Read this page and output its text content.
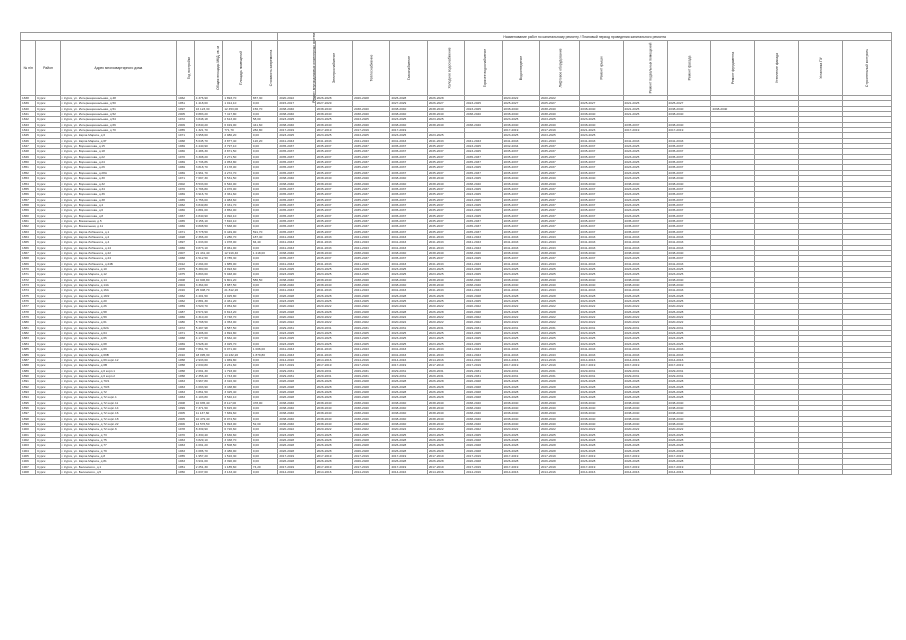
							Наименование работ по капитальному ремонту / Плановый период проведения капитального ремонта														
№ п/п	Район	Адрес многоквартирного дома	Год постройки	Общая площадь МКД, кв. м	Площадь помещений	Стоимость капремонта	Ремонт внутридомовых инженерных систем	Электроснабжение	Теплоснабжение	Газоснабжение	Холодное водоснабжение	Горячее водоснабжение	Водоотведение	Лифтовое оборудование	Ремонт крыши	Ремонт подвальных помещений	Ремонт фасада	Ремонт фундамента	Утепление фасада	Установка ПУ	Строительный контроль
1838	Курск	г. Курск, ул. Интернациональная, д.48	1962	4 376,90	1 893,70	657,30	2020-2022	2026-2028	2026-2028	2026-2028	2026-2028		2020-2022	2020-2022							
1839	Курск	г. Курск, ул. Интернациональная, д.50	1951	1 418,60	1 014,10	0,00	2015-2017	2027-2029		2027-2029	2026-2027	2023-2025	2025-2027	2025-2027	2025-2027	2021-2025	2025-2027				
1840	Курск	г. Курск, ул. Интернациональная, д.51	1997	16 123,30	12 453,00	156,70	2038-2040	2038-2040	2038-2040	2038-2040	2038-2040	2023-2025	2038-2040	2038-2040	2038-2040	2021-2025	2038-2040	2038-2040			
1841	Курск	г. Курск, ул. Интернациональная, д.52	2005	9 883,20	7 417,80	0,00	2038-2040	2038-2040	2038-2040	2038-2040	2038-2040	2038-2040	2038-2040	2038-2040	2038-2040	2021-2025	2038-2040				
1842	Курск	г. Курск, ул. Интернациональная, д.54	1972	3 848,18	2 613,00	58,00	2023-2025	2023-2025	2023-2025	2023-2025	2023-2025		2023-2025	2023-2025	2023-2025						
1843	Курск	г. Курск, ул. Интернациональная, д.66	2009	9 840,20	6 919,00	441,60	2038-2040	2038-2040	2038-2040	2038-2040	2038-2040	2038-2040	2038-2040	2038-2040	2038-2040	2035-2037	2038-2040				
1844	Курск	г. Курск, ул. Интернациональная, д.70	1955	1 321,70	771,70	282,80	2017-2019	2017-2019	2017-2019	2017-2019			2017-2019	2017-2019	2021-2023	2017-2019	2017-2019				
1845	Курск	г. Курск, ул. Карла Маркса, д.6	1971	3 958,60	2 980,20	0,00	2023-2025	2023-2025	2023-2025	2023-2025	2023-2025		2023-2025	2023-2025	2023-2025						
1846	Курск	г. Курск, ул. Карла Маркса, д.6Г	1968	5 045,70	3 877,40	120,20	2041-2043	2041-2043	2041-2043	2041-2043	2041-2043	2041-2043	2041-2043	2041-2043	2041-2043	2041-2043	2041-2043				
1847	Курск	г. Курск, ул. Ворошилова, д.15	1969	4 440,90	3 797,10	0,00	2035-2037	2035-2037	2035-2037	2035-2037	2035-2037	2023-2025	2032-2034	2035-2037	2035-2037	2023-2025	2035-2037				
1848	Курск	г. Курск, ул. Ворошилова, д.18	1966	4 486,30	3 871,50	0,00	2035-2037	2035-2037	2035-2037	2035-2037	2035-2037	2023-2025	2035-2037	2035-2037	2035-2037	2023-2025	2035-2037				
1849	Курск	г. Курск, ул. Ворошилова, д.22	1970	3 308,20	3 271,50	0,00	2035-2037	2035-2037	2035-2037	2035-2037	2035-2037	2035-2037	2035-2037	2035-2037	2035-2037	2023-2025	2035-2037				
1850	Курск	г. Курск, ул. Ворошилова, д.24	1969	4 736,86	4 053,80	0,00	2035-2037	2035-2037	2035-2037	2035-2037	2035-2037	2035-2037	2035-2037	2035-2037	2035-2037	2023-2025	2035-2037				
1851	Курск	г. Курск, ул. Ворошилова, д.26	1969	3 818,70	3 178,00	0,00	2035-2037	2035-2037	2035-2037	2035-2037	2035-2037	2023-2025	2035-2037	2035-2037	2035-2037	2023-2025	2035-2037				
1852	Курск	г. Курск, ул. Ворошилова, д.28А	1969	4 961,70	4 272,70	0,00	2035-2037	2035-2037	2035-2037	2035-2037	2035-2037	2035-2037	2035-2037	2035-2037	2035-2037	2023-2025	2035-2037				
1853	Курск	г. Курск, ул. Ворошилова, д.30	1971	7 697,30	6 531,50	0,00	2038-2040	2038-2040	2038-2040	2038-2040	2038-2040	2023-2025	2038-2040	2038-2040	2038-2040	2023-2025	2038-2040				
1854	Курск	г. Курск, ул. Ворошилова, д.32	2002	8 533,60	6 540,00	0,00	2038-2040	2038-2040	2038-2040	2038-2040	2038-2040	2038-2040	2038-2040	2038-2040	2038-2040	2038-2040	2038-2040				
1855	Курск	г. Курск, ул. Ворошилова, д.34	1970	4 796,80	4 076,00	0,00	2035-2037	2035-2037	2035-2037	2035-2037	2035-2037	2023-2025	2035-2037	2035-2037	2035-2037	2023-2025	2035-2037				
1856	Курск	г. Курск, ул. Ворошилова, д.36	1969	3 916,70	3 361,60	0,00	2035-2037	2035-2037	2035-2037	2035-2037	2035-2037	2023-2025	2035-2037	2035-2037	2035-2037	2023-2025	2035-2037				
1857	Курск	г. Курск, ул. Ворошилова, д.38	1965	4 756,00	4 083,60	0,00	2035-2037	2035-2037	2035-2037	2035-2037	2035-2037	2023-2025	2035-2037	2035-2037	2035-2037	2023-2025	2035-2037				
1858	Курск	г. Курск, ул. Ворошилова, д.4	1962	3 849,80	3 331,70	0,00	2035-2037	2035-2037	2035-2037	2035-2037	2035-2037	2023-2025	2035-2037	2035-2037	2035-2037	2023-2025	2035-2037				
1859	Курск	г. Курск, ул. Ворошилова, д.6	1966	4 881,00	3 852,00	0,00	2035-2037	2035-2037	2035-2037	2035-2037	2035-2037	2023-2025	2035-2037	2035-2037	2035-2037	2023-2025	2035-2037				
1860	Курск	г. Курск, ул. Ворошилова, д.8	1967	4 840,90	4 092,10	0,00	2035-2037	2035-2037	2035-2037	2035-2037	2035-2037	2023-2025	2035-2037	2035-2037	2035-2037	2023-2025	2035-2037				
1861	Курск	г. Курск, ул. Вокзальная, д.5	1965	9 156,10	7 810,10	0,00	2035-2037	2035-2037	2035-2037	2035-2037	2035-2037	2035-2037	2035-2037	2035-2037	2035-2037	2035-2037	2035-2037				
1862	Курск	г. Курск, ул. Вокзальная, д.11	1966	9 808,50	7 668,00	0,00	2035-2037	2035-2037	2035-2037	2035-2037	2035-2037	2035-2037	2035-2037	2035-2037	2035-2037	2035-2037	2035-2037				
1863	Курск	г. Курск, ул. Карла Либкнехта, д.1	1971	8 778,50	6 449,00	591,70	2035-2037	2035-2037	2035-2037	2035-2037	2035-2037	2035-2037	2035-2037	2035-2037	2035-2037	2035-2037	2035-2037				
1864	Курск	г. Курск, ул. Карла Либкнехта, д.2	1928	2 366,20	1 280,70	187,40	2041-2043	2041-2043	2041-2043	2041-2043	2041-2043	2041-2043	2041-2043	2041-2043	2041-2043	2041-2043	2041-2043				
1865	Курск	г. Курск, ул. Карла Либкнехта, д.4	1897	1 033,60	1 078,00	84,40	2041-2043	2041-2043	2041-2043	2041-2043	2041-2043	2041-2043	2041-2043	2041-2043	2041-2043	2041-2043	2041-2043				
1866	Курск	г. Курск, ул. Карла Либкнехта, д.14	1966	9 873,10	8 061,90	0,00	2041-2043	2041-2043	2041-2043	2041-2043	2041-2043	2041-2043	2041-2043	2041-2043	2041-2043	2041-2043	2041-2043				
1867	Курск	г. Курск, ул. Карла Либкнехта, д.22	2007	21 431,40	12 919,40	1 218,00	2038-2040	2038-2040	2038-2040	2038-2040	2038-2040	2038-2040	2038-2040	2038-2040	2038-2040	2038-2040	2038-2040				
1868	Курск	г. Курск, ул. Карла Либкнехта, д.24	1968	4 512,50	3 785,30	0,00	2035-2037	2035-2037	2035-2037	2035-2037	2035-2037	2023-2025	2035-2037	2035-2037	2035-2037	2023-2025	2035-2037				
1869	Курск	г. Курск, ул. Карла Либкнехта, д.24Б	2012	2 294,00	1 885,00	0,00	2041-2043	2041-2043	2041-2043	2041-2043	2041-2043	2041-2043	2041-2043	2041-2043	2041-2043	2041-2043	2041-2043				
1870	Курск	г. Курск, ул. Карла Маркса, д.10	1975	5 380,00	3 993,60	0,00	2023-2025	2023-2025	2023-2025	2023-2025	2023-2025	2023-2025	2023-2025	2023-2025	2023-2025	2023-2025	2023-2025				
1871	Курск	г. Курск, ул. Карла Маркса, д.12	1975	6 893,60	5 048,00	0,00	2023-2025	2023-2025	2023-2025	2023-2025	2023-2025	2023-2025	2023-2025	2023-2025	2023-2025	2023-2025	2023-2025				
1872	Курск	г. Курск, ул. Карла Маркса, д.14	2008	10 906,80	9 801,20	586,50	2038-2040	2038-2040	2038-2040	2038-2040	2038-2040	2038-2040	2038-2040	2038-2040	2038-2040	2038-2040	2038-2040				
1873	Курск	г. Курск, ул. Карла Маркса, д.14А	2004	3 364,60	3 887,50	0,00	2038-2040	2038-2040	2038-2040	2038-2040	2038-2040	2038-2040	2038-2040	2038-2040	2038-2040	2038-2040	2038-2040				
1874	Курск	г. Курск, ул. Карла Маркса, д.16А	2016	25 908,70	21 812,20	0,00	2041-2043	2041-2043	2041-2043	2041-2043	2041-2043	2041-2043	2041-2043	2041-2043	2041-2043	2041-2043	2041-2043				
1875	Курск	г. Курск, ул. Карла Маркса, д.18/2	1962	4 401,50	4 025,80	0,00	2026-2028	2026-2028	2026-2028	2026-2028	2026-2028	2026-2028	2026-2028	2026-2028	2026-2028	2026-2028	2026-2028				
1876	Курск	г. Курск, ул. Карла Маркса, д.20	1962	2 881,30	2 461,20	0,00	2023-2025	2023-2025	2023-2025	2023-2025	2023-2025	2023-2025	2023-2025	2023-2025	2023-2025	2023-2025	2023-2025				
1877	Курск	г. Курск, ул. Карла Маркса, д.26	1959	3 520,70	3 054,60	0,00	2020-2022	2020-2022	2020-2022	2020-2022	2020-2022	2020-2022	2020-2022	2020-2022	2020-2022	2020-2022	2020-2022				
1878	Курск	г. Курск, ул. Карла Маркса, д.58	1987	9 574,90	6 813,20	0,00	2026-2028	2026-2028	2026-2028	2026-2028	2026-2028	2026-2028	2026-2028	2026-2028	2026-2028	2026-2028	2026-2028				
1879	Курск	г. Курск, ул. Карла Маркса, д.59	1966	4 310,20	3 748,70	0,00	2020-2022	2020-2022	2020-2022	2020-2022	2020-2022	2020-2022	2020-2022	2020-2022	2020-2022	2020-2022	2020-2022				
1880	Курск	г. Курск, ул. Карла Маркса, д.61	1980	5 798,50	4 353,00	0,00	2020-2022	2020-2022	2020-2022	2020-2022	2020-2022	2020-2022	2020-2022	2020-2022	2020-2022	2020-2022	2020-2022				
1881	Курск	г. Курск, ул. Карла Маркса, д.62А	1972	5 497,98	4 587,50	0,00	2029-2031	2029-2031	2029-2031	2029-2031	2029-2031	2029-2031	2029-2031	2029-2031	2029-2031	2029-2031	2029-2031				
1882	Курск	г. Курск, ул. Карла Маркса, д.64	1971	5 406,60	4 894,80	0,00	2023-2025	2023-2025	2023-2025	2023-2025	2023-2025	2023-2025	2023-2025	2023-2025	2023-2025	2023-2025	2023-2025				
1883	Курск	г. Курск, ул. Карла Маркса, д.66	1968	4 177,60	3 662,40	0,00	2023-2025	2023-2025	2023-2025	2023-2025	2023-2025	2023-2025	2023-2025	2023-2025	2023-2025	2023-2025	2023-2025				
1884	Курск	г. Курск, ул. Карла Маркса, д.68	1969	3 528,40	3 025,70	0,00	2023-2025	2023-2025	2023-2025	2023-2025	2023-2025	2023-2025	2023-2025	2023-2025	2023-2025	2023-2025	2023-2025				
1885	Курск	г. Курск, ул. Карла Маркса, д.69	2008	7 861,70	6 071,00	1 006,00	2041-2043	2041-2043	2041-2043	2041-2043	2041-2043	2041-2043	2041-2043	2041-2043	2041-2043	2041-2043	2041-2043				
1886	Курск	г. Курск, ул. Карла Маркса, д.69В	2010	18 095,30	14 232,20	1 879,80	2041-2043	2041-2043	2041-2043	2041-2043	2041-2043	2041-2043	2041-2043	2041-2043	2041-2043	2041-2043	2041-2043				
1887	Курск	г. Курск, ул. Карла Маркса, д.69 корп.12	1958	2 933,60	1 969,80	0,00	2014-2016	2014-2016	2014-2016	2014-2016	2014-2016	2014-2016	2014-2016	2014-2016	2014-2016	2014-2016	2014-2016				
1888	Курск	г. Курск, ул. Карла Маркса, д.6В	1958	2 030,80	2 231,60	0,00	2017-2019	2017-2019	2017-2019	2017-2019	2017-2019	2017-2019	2017-2019	2017-2019	2017-2019	2017-2019	2017-2019				
1889	Курск	г. Курск, ул. Карла Маркса, д.6 корп.1	1958	2 091,30	1 793,00	0,00	2029-2031	2029-2031	2029-2031	2029-2031	2029-2031	2029-2031	2029-2031	2029-2031	2029-2031	2029-2031	2029-2031				
1890	Курск	г. Курск, ул. Карла Маркса, д.6 корп.2	1958	2 356,40	1 743,00	0,00	2029-2031	2029-2031	2029-2031	2029-2031	2029-2031	2029-2031	2029-2031	2029-2031	2029-2031	2029-2031	2029-2031				
1891	Курск	г. Курск, ул. Карла Маркса, д.70/1	1963	3 967,80	3 316,30	0,00	2026-2028	2026-2028	2026-2028	2026-2028	2026-2028	2026-2028	2026-2028	2026-2028	2026-2028	2026-2028	2026-2028				
1892	Курск	г. Курск, ул. Карла Маркса, д.70/3	1963	4 093,90	3 438,80	0,00	2026-2028	2026-2028	2026-2028	2026-2028	2026-2028	2026-2028	2026-2028	2026-2028	2026-2028	2026-2028	2026-2028				
1893	Курск	г. Курск, ул. Карла Маркса, д.72	1963	3 861,50	3 325,40	0,00	2026-2028	2026-2028	2026-2028	2026-2028	2026-2028	2026-2028	2026-2028	2026-2028	2026-2028	2026-2028	2026-2028				
1894	Курск	г. Курск, ул. Карла Маркса, д.72 корп.1	1963	4 103,80	3 540,10	0,00	2026-2028	2026-2028	2026-2028	2026-2028	2026-2028	2026-2028	2026-2028	2026-2028	2026-2028	2026-2028	2026-2028				
1895	Курск	г. Курск, ул. Карла Маркса, д.72 корп.11	2008	10 935,40	8 117,00	478,00	2038-2040	2038-2040	2038-2040	2038-2040	2038-2040	2038-2040	2038-2040	2038-2040	2038-2040	2038-2040	2038-2040				
1896	Курск	г. Курск, ул. Карла Маркса, д.72 корп.14	1999	7 371,50	5 815,00	0,00	2038-2040	2038-2040	2038-2040	2038-2040	2038-2040	2038-2040	2038-2040	2038-2040	2038-2040	2038-2040	2038-2040				
1897	Курск	г. Курск, ул. Карла Маркса, д.72 корп.16	2005	11 137,60	7 669,60	0,00	2038-2040	2038-2040	2038-2040	2038-2040	2038-2040	2038-2040	2038-2040	2038-2040	2038-2040	2038-2040	2038-2040				
1898	Курск	г. Курск, ул. Карла Маркса, д.72 корп.18	2005	10 479,40	8 074,50	0,00	2038-2040	2038-2040	2038-2040	2038-2040	2038-2040	2038-2040	2038-2040	2038-2040	2038-2040	2038-2040	2038-2040				
1899	Курск	г. Курск, ул. Карла Маркса, д.72 корп.22	2006	14 576,50	9 993,00	52,00	2038-2040	2038-2040	2038-2040	2038-2040	2038-2040	2038-2040	2038-2040	2038-2040	2038-2040	2038-2040	2038-2040				
1900	Курск	г. Курск, ул. Карла Маркса, д.72 корп.6	1978	8 339,90	6 720,60	0,00	2020-2022	2020-2022	2020-2022	2020-2022	2020-2022	2020-2022	2020-2022	2020-2022	2020-2022	2020-2022	2020-2022				
1901	Курск	г. Курск, ул. Карла Маркса, д.73	1970	4 330,40	3 630,60	0,00	2023-2025	2023-2025	2023-2025	2023-2025	2023-2025	2023-2025	2023-2025	2023-2025	2023-2025	2023-2025	2023-2025				
1902	Курск	г. Курск, ул. Карла Маркса, д.75	1963	3 829,10	3 338,70	0,00	2026-2028	2026-2028	2026-2028	2026-2028	2026-2028	2026-2028	2026-2028	2026-2028	2026-2028	2026-2028	2026-2028				
1903	Курск	г. Курск, ул. Карла Маркса, д.77	1963	4 091,20	3 508,50	0,00	2026-2028	2026-2028	2026-2028	2026-2028	2026-2028	2026-2028	2026-2028	2026-2028	2026-2028	2026-2028	2026-2028				
1904	Курск	г. Курск, ул. Карла Маркса, д.79	1963	4 086,70	3 486,90	0,00	2026-2028	2026-2028	2026-2028	2026-2028	2026-2028	2026-2028	2026-2028	2026-2028	2026-2028	2026-2028	2026-2028				
1905	Курск	г. Курск, ул. Карла Маркса, д.8	1955	1 957,20	1 516,30	0,00	2017-2019	2017-2019	2017-2019	2017-2019	2017-2019	2017-2019	2017-2019	2017-2019	2017-2019	2017-2019	2017-2019				
1906	Курск	г. Курск, ул. Карла Маркса, д.81	1963	3 931,00	3 390,00	0,00	2026-2028	2026-2028	2026-2028	2026-2028	2026-2028	2026-2028	2026-2028	2026-2028	2026-2028	2026-2028	2026-2028				
1907	Курск	г. Курск, ул. Белинского, д.1	1951	2 251,30	1 185,60	74,20	2017-2019	2017-2019	2017-2019	2017-2019	2017-2019	2017-2019	2017-2019	2017-2019	2017-2019	2017-2019	2017-2019				
1908	Курск	г. Курск, ул. Белинского, д.5	1950	4 037,60	3 133,40	0,00	2014-2016	2014-2016	2014-2016	2014-2016	2014-2016	2014-2016	2014-2016	2014-2016	2014-2016	2014-2016	2014-2016				
